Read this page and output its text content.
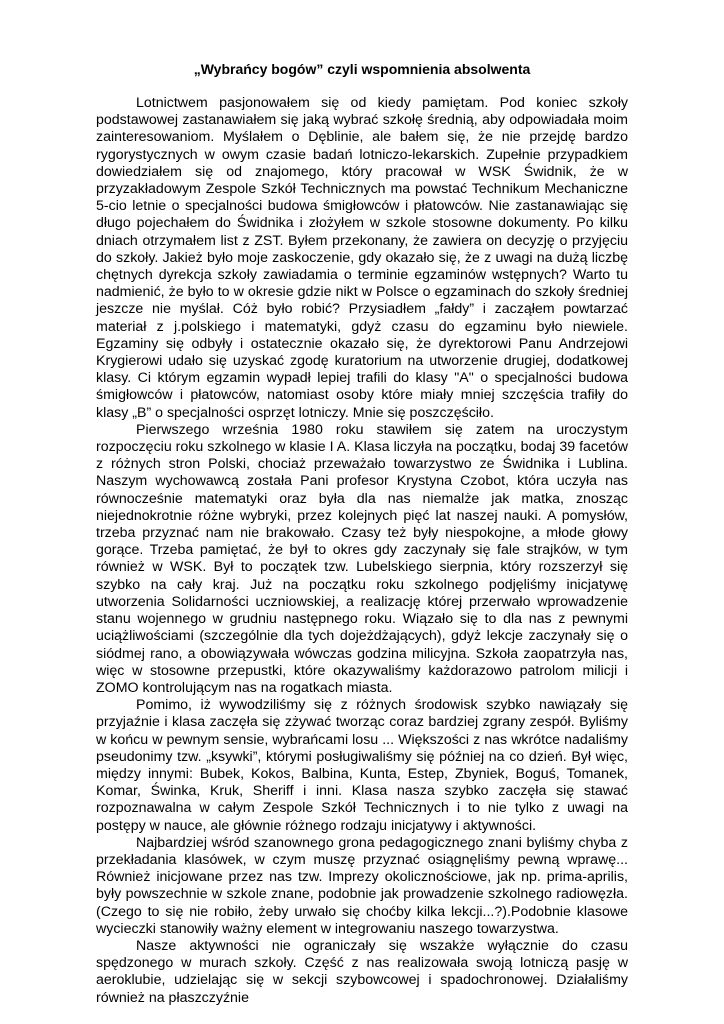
„Wybrańcy bogów” czyli wspomnienia absolwenta

Lotnictwem pasjonowałem się od kiedy pamiętam. Pod koniec szkoły podstawowej zastanawiałem się jaką wybrać szkołę średnią, aby odpowiadała moim zainteresowaniom. Myślałem o Dęblinie, ale bałem się, że nie przejdę bardzo rygorystycznych w owym czasie badań lotniczo-lekarskich. Zupełnie przypadkiem dowiedziałem się od znajomego, który pracował w WSK Świdnik, że w przyzakładowym Zespole Szkół Technicznych ma powstać Technikum Mechaniczne 5-cio letnie o specjalności budowa śmigłowców i płatowców. Nie zastanawiając się długo pojechałem do Świdnika i złożyłem w szkole stosowne dokumenty. Po kilku dniach otrzymałem list z ZST. Byłem przekonany, że zawiera on decyzję o przyjęciu do szkoły. Jakież było moje zaskoczenie, gdy okazało się, że z uwagi na dużą liczbę chętnych dyrekcja szkoły zawiadamia o terminie egzaminów wstępnych? Warto tu nadmienić, że było to w okresie gdzie nikt w Polsce o egzaminach do szkoły średniej jeszcze nie myślał. Cóż było robić? Przysiadłem „fałdy” i zacząłem powtarzać materiał z j.polskiego i matematyki, gdyż czasu do egzaminu było niewiele. Egzaminy się odbyły i ostatecznie okazało się, że dyrektorowi Panu Andrzejowi Krygierowi udało się uzyskać zgodę kuratorium na utworzenie drugiej, dodatkowej klasy. Ci którym egzamin wypadł lepiej trafili do klasy "A" o specjalności budowa śmigłowców i płatowców, natomiast osoby które miały mniej szczęścia trafiły do klasy „B” o specjalności osprzęt lotniczy. Mnie się poszczęściło.

Pierwszego września 1980 roku stawiłem się zatem na uroczystym rozpoczęciu roku szkolnego w klasie I A. Klasa liczyła na początku, bodaj 39 facetów z różnych stron Polski, chociaż przeważało towarzystwo ze Świdnika i Lublina. Naszym wychowawcą została Pani profesor Krystyna Czobot, która uczyła nas równocześnie matematyki oraz była dla nas niemalże jak matka, znosząc niejednokrotnie różne wybryki, przez kolejnych pięć lat naszej nauki. A pomysłów, trzeba przyznać nam nie brakowało. Czasy też były niespokojne, a młode głowy gorące. Trzeba pamiętać, że był to okres gdy zaczynały się fale strajków, w tym również w WSK. Był to początek tzw. Lubelskiego sierpnia, który rozszerzył się szybko na cały kraj. Już na początku roku szkolnego podjęliśmy inicjatywę utworzenia Solidarności uczniowskiej, a realizację której przerwało wprowadzenie stanu wojennego w grudniu następnego roku. Wiązało się to dla nas z pewnymi uciążliwościami (szczególnie dla tych dojeżdżających), gdyż lekcje zaczynały się o siódmej rano, a obowiązywała wówczas godzina milicyjna. Szkoła zaopatrzyła nas, więc w stosowne przepustki, które okazywaliśmy każdorazowo patrolom milicji i ZOMO kontrolującym nas na rogatkach miasta.

Pomimo, iż wywodziliśmy się z różnych środowisk szybko nawiązały się przyjaźnie i klasa zaczęła się zżywać tworząc coraz bardziej zgrany zespół. Byliśmy w końcu w pewnym sensie, wybrańcami losu ... Większości z nas wkrótce nadaliśmy pseudonimy tzw. „ksywki”, którymi posługiwaliśmy się później na co dzień. Był więc, między innymi: Bubek, Kokos, Balbina, Kunta, Estep, Zbyniek, Boguś, Tomanek, Komar, Świnka, Kruk, Sheriff i inni. Klasa nasza szybko zaczęła się stawać rozpoznawalna w całym Zespole Szkół Technicznych i to nie tylko z uwagi na postępy w nauce, ale głównie różnego rodzaju inicjatywy i aktywności.

Najbardziej wśród szanownego grona pedagogicznego znani byliśmy chyba z przekładania klasówek, w czym muszę przyznać osiągnęliśmy pewną wprawę... Również inicjowane przez nas tzw. Imprezy okolicznościowe, jak np. prima-aprilis, były powszechnie w szkole znane, podobnie jak prowadzenie szkolnego radiowęzła. (Czego to się nie robiło, żeby urwało się choćby kilka lekcji...?).Podobnie klasowe wycieczki stanowiły ważny element w integrowaniu naszego towarzystwa.

Nasze aktywności nie ograniczały się wszakże wyłącznie do czasu spędzonego w murach szkoły. Część z nas realizowała swoją lotniczą pasję w aeroklubie, udzielając się w sekcji szybowcowej i spadochronowej. Działaliśmy również na płaszczyźnie
